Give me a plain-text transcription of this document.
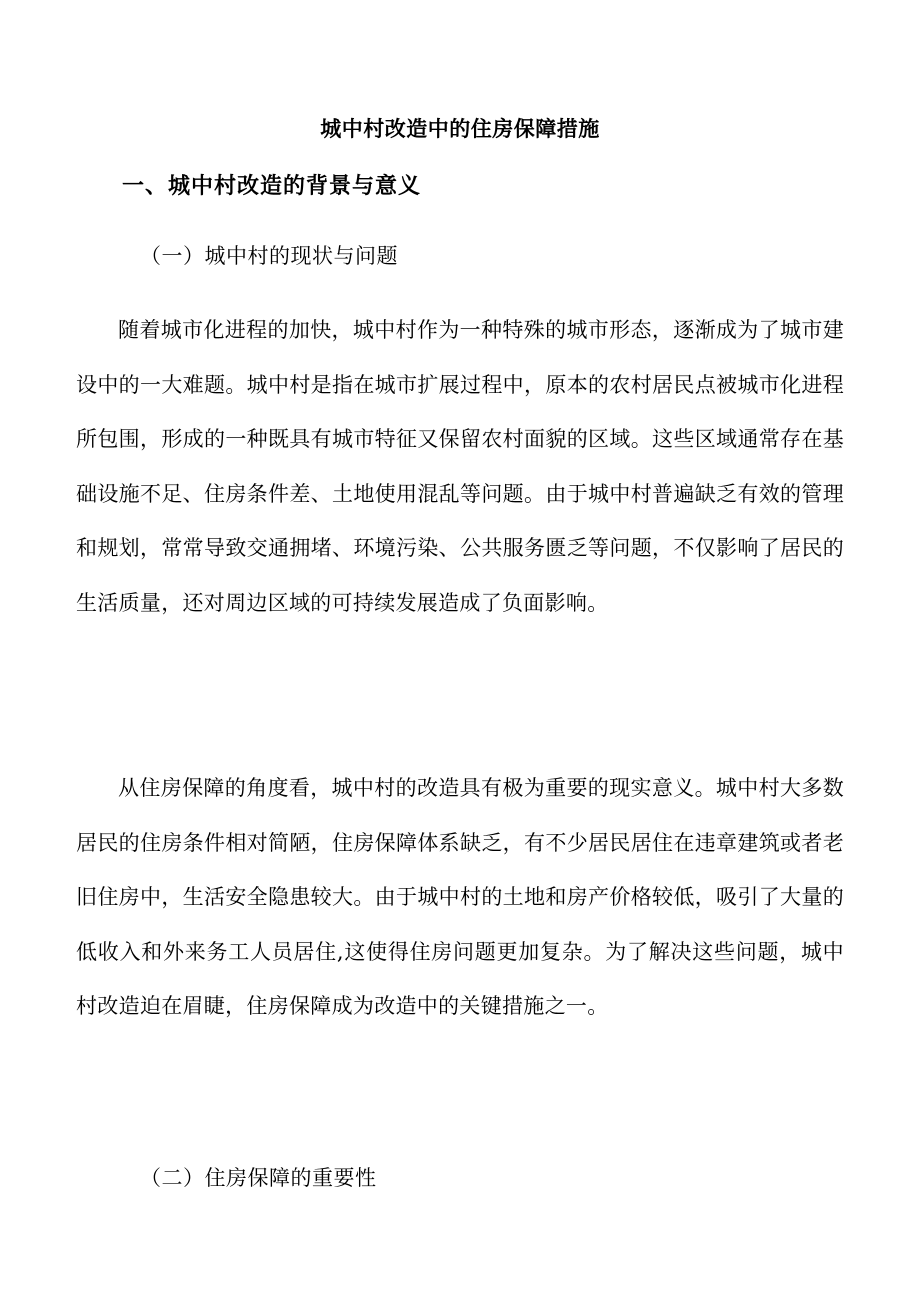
城中村改造中的住房保障措施
一、城中村改造的背景与意义
（一）城中村的现状与问题

随着城市化进程的加快，城中村作为一种特殊的城市形态，逐渐成为了城市建设中的一大难题。城中村是指在城市扩展过程中，原本的农村居民点被城市化进程所包围，形成的一种既具有城市特征又保留农村面貌的区域。这些区域通常存在基础设施不足、住房条件差、土地使用混乱等问题。由于城中村普遍缺乏有效的管理和规划，常常导致交通拥堵、环境污染、公共服务匮乏等问题，不仅影响了居民的生活质量，还对周边区域的可持续发展造成了负面影响。

从住房保障的角度看，城中村的改造具有极为重要的现实意义。城中村大多数居民的住房条件相对简陋，住房保障体系缺乏，有不少居民居住在违章建筑或者老旧住房中，生活安全隐患较大。由于城中村的土地和房产价格较低，吸引了大量的低收入和外来务工人员居住,这使得住房问题更加复杂。为了解决这些问题，城中村改造迫在眉睫，住房保障成为改造中的关键措施之一。

（二）住房保障的重要性
